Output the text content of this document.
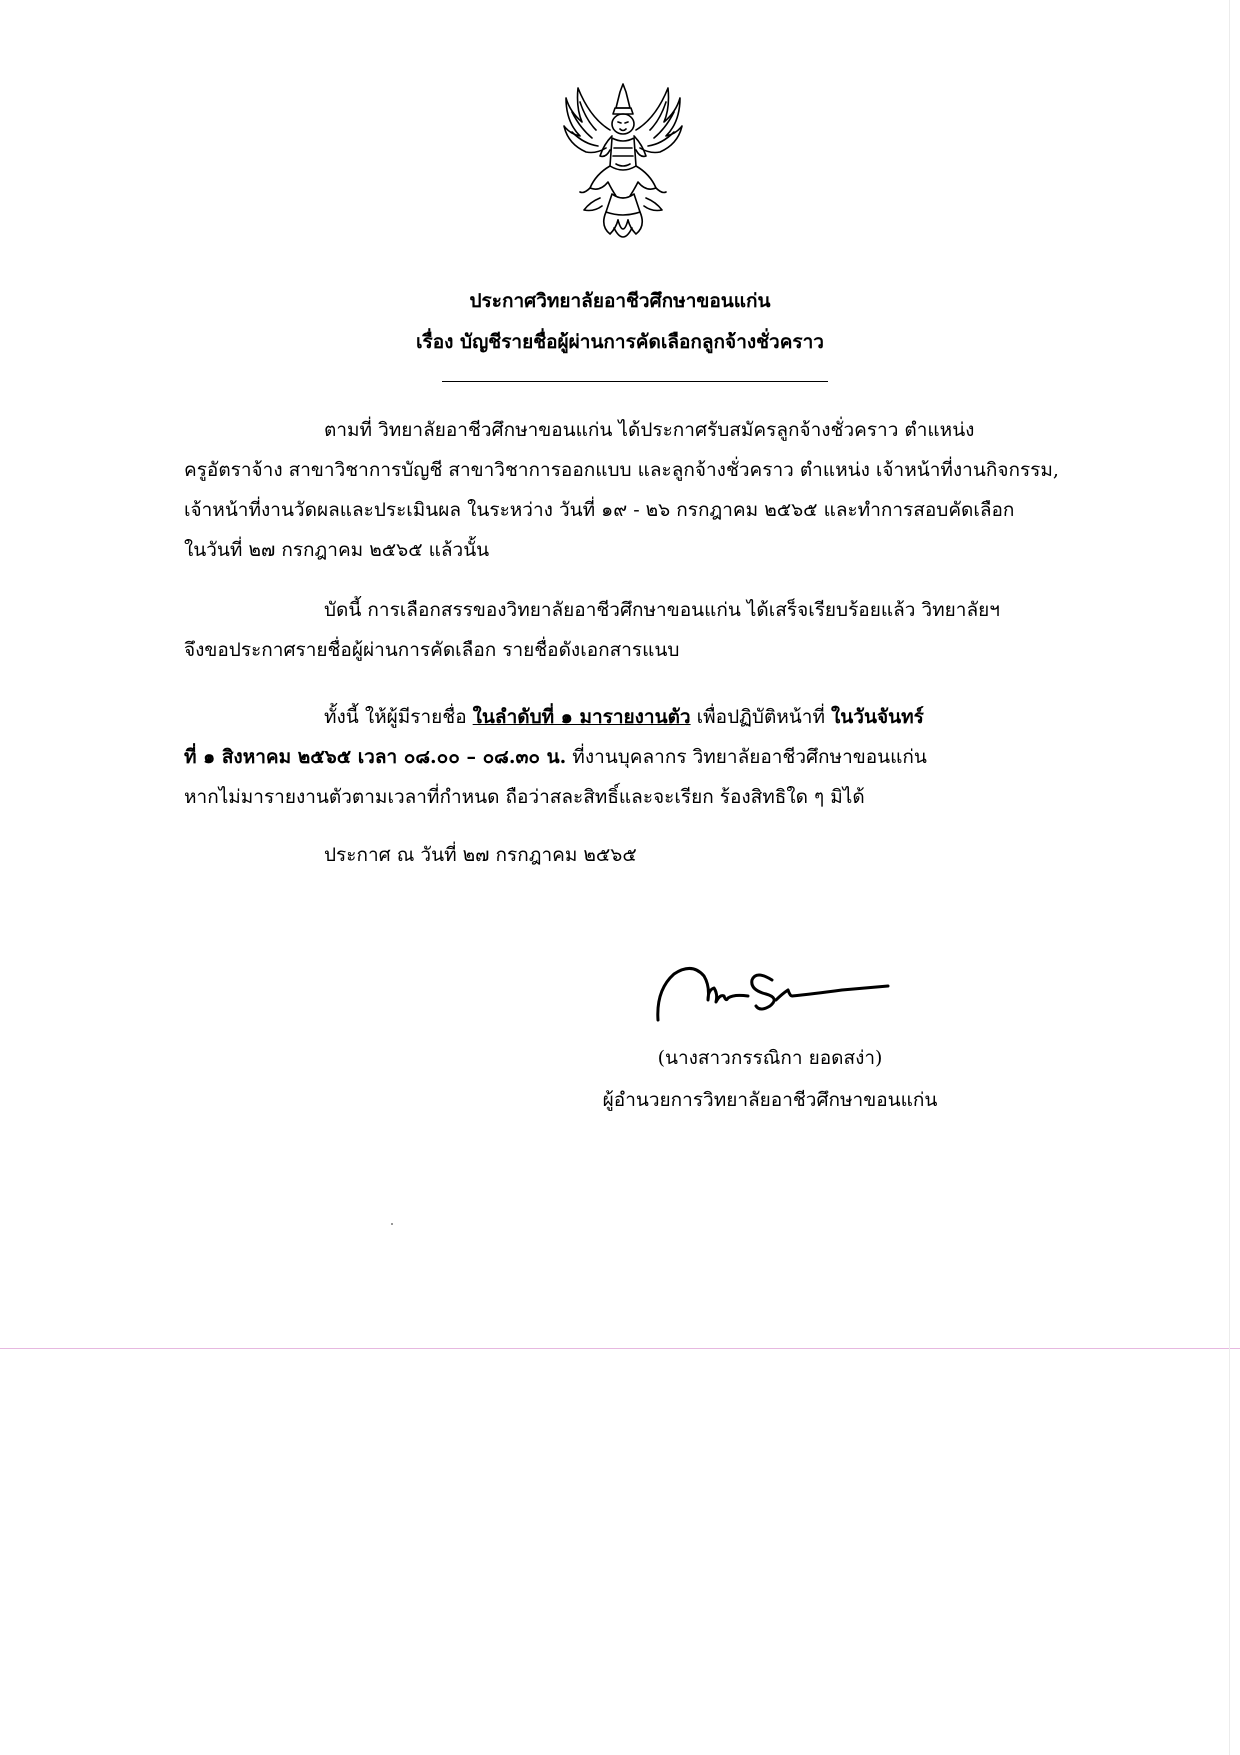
ประกาศวิทยาลัยอาชีวศึกษาขอนแก่น
เรื่อง บัญชีรายชื่อผู้ผ่านการคัดเลือกลูกจ้างชั่วคราว
ตามที่ วิทยาลัยอาชีวศึกษาขอนแก่น ได้ประกาศรับสมัครลูกจ้างชั่วคราว ตำแหน่ง
ครูอัตราจ้าง สาขาวิชาการบัญชี สาขาวิชาการออกแบบ และลูกจ้างชั่วคราว ตำแหน่ง เจ้าหน้าที่งานกิจกรรม,
เจ้าหน้าที่งานวัดผลและประเมินผล ในระหว่าง วันที่ ๑๙ - ๒๖ กรกฎาคม ๒๕๖๕ และทำการสอบคัดเลือก
ในวันที่ ๒๗ กรกฎาคม ๒๕๖๕ แล้วนั้น
บัดนี้ การเลือกสรรของวิทยาลัยอาชีวศึกษาขอนแก่น ได้เสร็จเรียบร้อยแล้ว วิทยาลัยฯ
จึงขอประกาศรายชื่อผู้ผ่านการคัดเลือก รายชื่อดังเอกสารแนบ
ทั้งนี้ ให้ผู้มีรายชื่อ ในลำดับที่ ๑ มารายงานตัว เพื่อปฏิบัติหน้าที่ ในวันจันทร์
ที่ ๑ สิงหาคม ๒๕๖๕ เวลา ๐๘.๐๐ – ๐๘.๓๐ น. ที่งานบุคลากร วิทยาลัยอาชีวศึกษาขอนแก่น
หากไม่มารายงานตัวตามเวลาที่กำหนด ถือว่าสละสิทธิ์และจะเรียก ร้องสิทธิใด ๆ มิได้
ประกาศ ณ วันที่ ๒๗ กรกฎาคม ๒๕๖๕
(นางสาวกรรณิกา ยอดสง่า)
ผู้อำนวยการวิทยาลัยอาชีวศึกษาขอนแก่น
